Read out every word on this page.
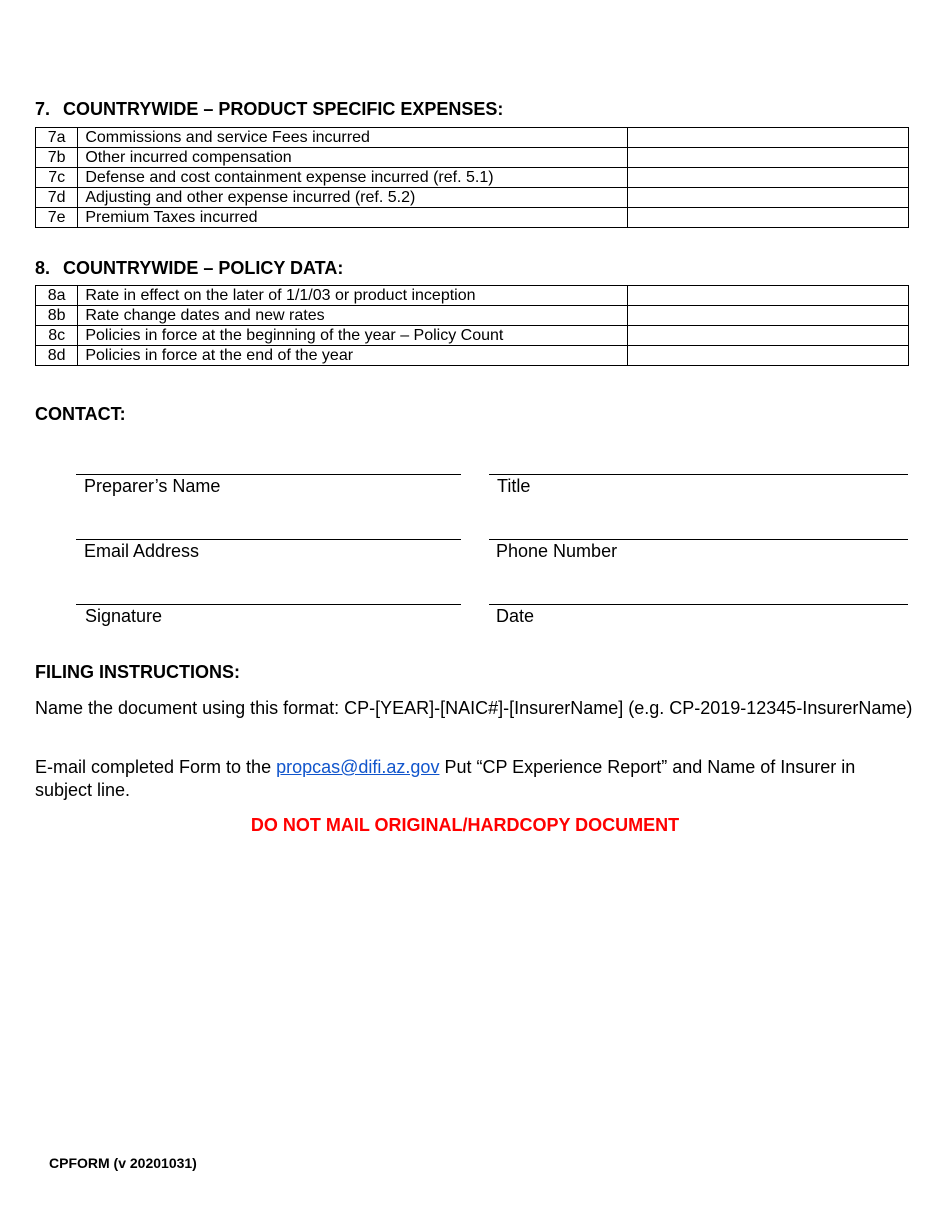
7. COUNTRYWIDE – PRODUCT SPECIFIC EXPENSES:
7a	Commissions and service Fees incurred	
7b	Other incurred compensation	
7c	Defense and cost containment expense incurred (ref. 5.1)	
7d	Adjusting and other expense incurred (ref. 5.2)	
7e	Premium Taxes incurred	
8. COUNTRYWIDE – POLICY DATA:
8a	Rate in effect on the later of 1/1/03 or product inception	
8b	Rate change dates and new rates	
8c	Policies in force at the beginning of the year – Policy Count	
8d	Policies in force at the end of the year	
CONTACT:
Preparer’s Name	Title
Email Address	Phone Number
Signature	Date
FILING INSTRUCTIONS:

Name the document using this format: CP-[YEAR]-[NAIC#]-[InsurerName] (e.g. CP-2019-12345-InsurerName)

E-mail completed Form to the propcas@difi.az.gov Put “CP Experience Report” and Name of Insurer in subject line.

DO NOT MAIL ORIGINAL/HARDCOPY DOCUMENT
CPFORM (v 20201031)
